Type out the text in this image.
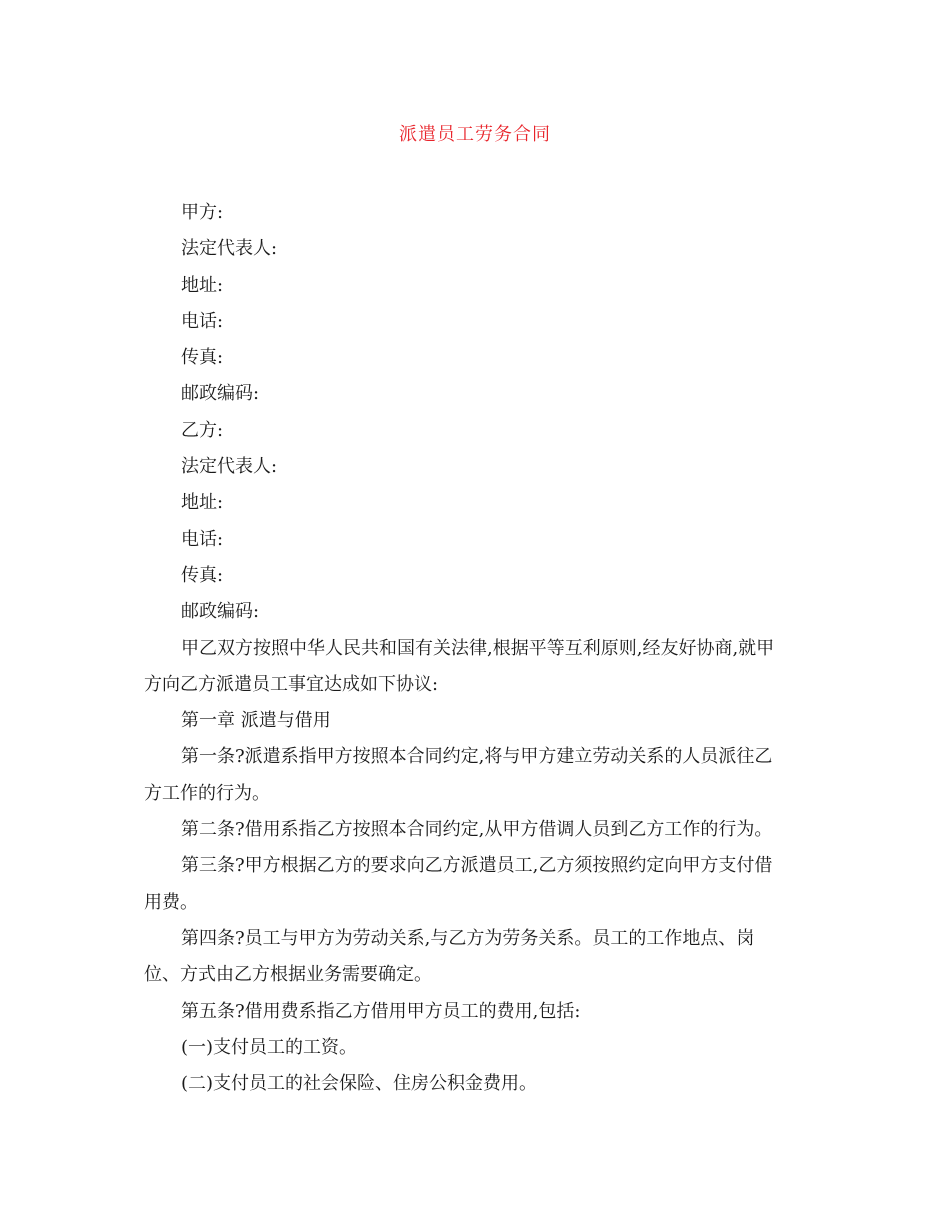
派遣员工劳务合同
甲方:
法定代表人:
地址:
电话:
传真:
邮政编码:
乙方:
法定代表人:
地址:
电话:
传真:
邮政编码:
甲乙双方按照中华人民共和国有关法律,根据平等互利原则,经友好协商,就甲
方向乙方派遣员工事宜达成如下协议:
第一章 派遣与借用
第一条?派遣系指甲方按照本合同约定,将与甲方建立劳动关系的人员派往乙
方工作的行为。
第二条?借用系指乙方按照本合同约定,从甲方借调人员到乙方工作的行为。
第三条?甲方根据乙方的要求向乙方派遣员工,乙方须按照约定向甲方支付借
用费。
第四条?员工与甲方为劳动关系,与乙方为劳务关系。员工的工作地点、岗
位、方式由乙方根据业务需要确定。
第五条?借用费系指乙方借用甲方员工的费用,包括:
(一)支付员工的工资。
(二)支付员工的社会保险、住房公积金费用。
